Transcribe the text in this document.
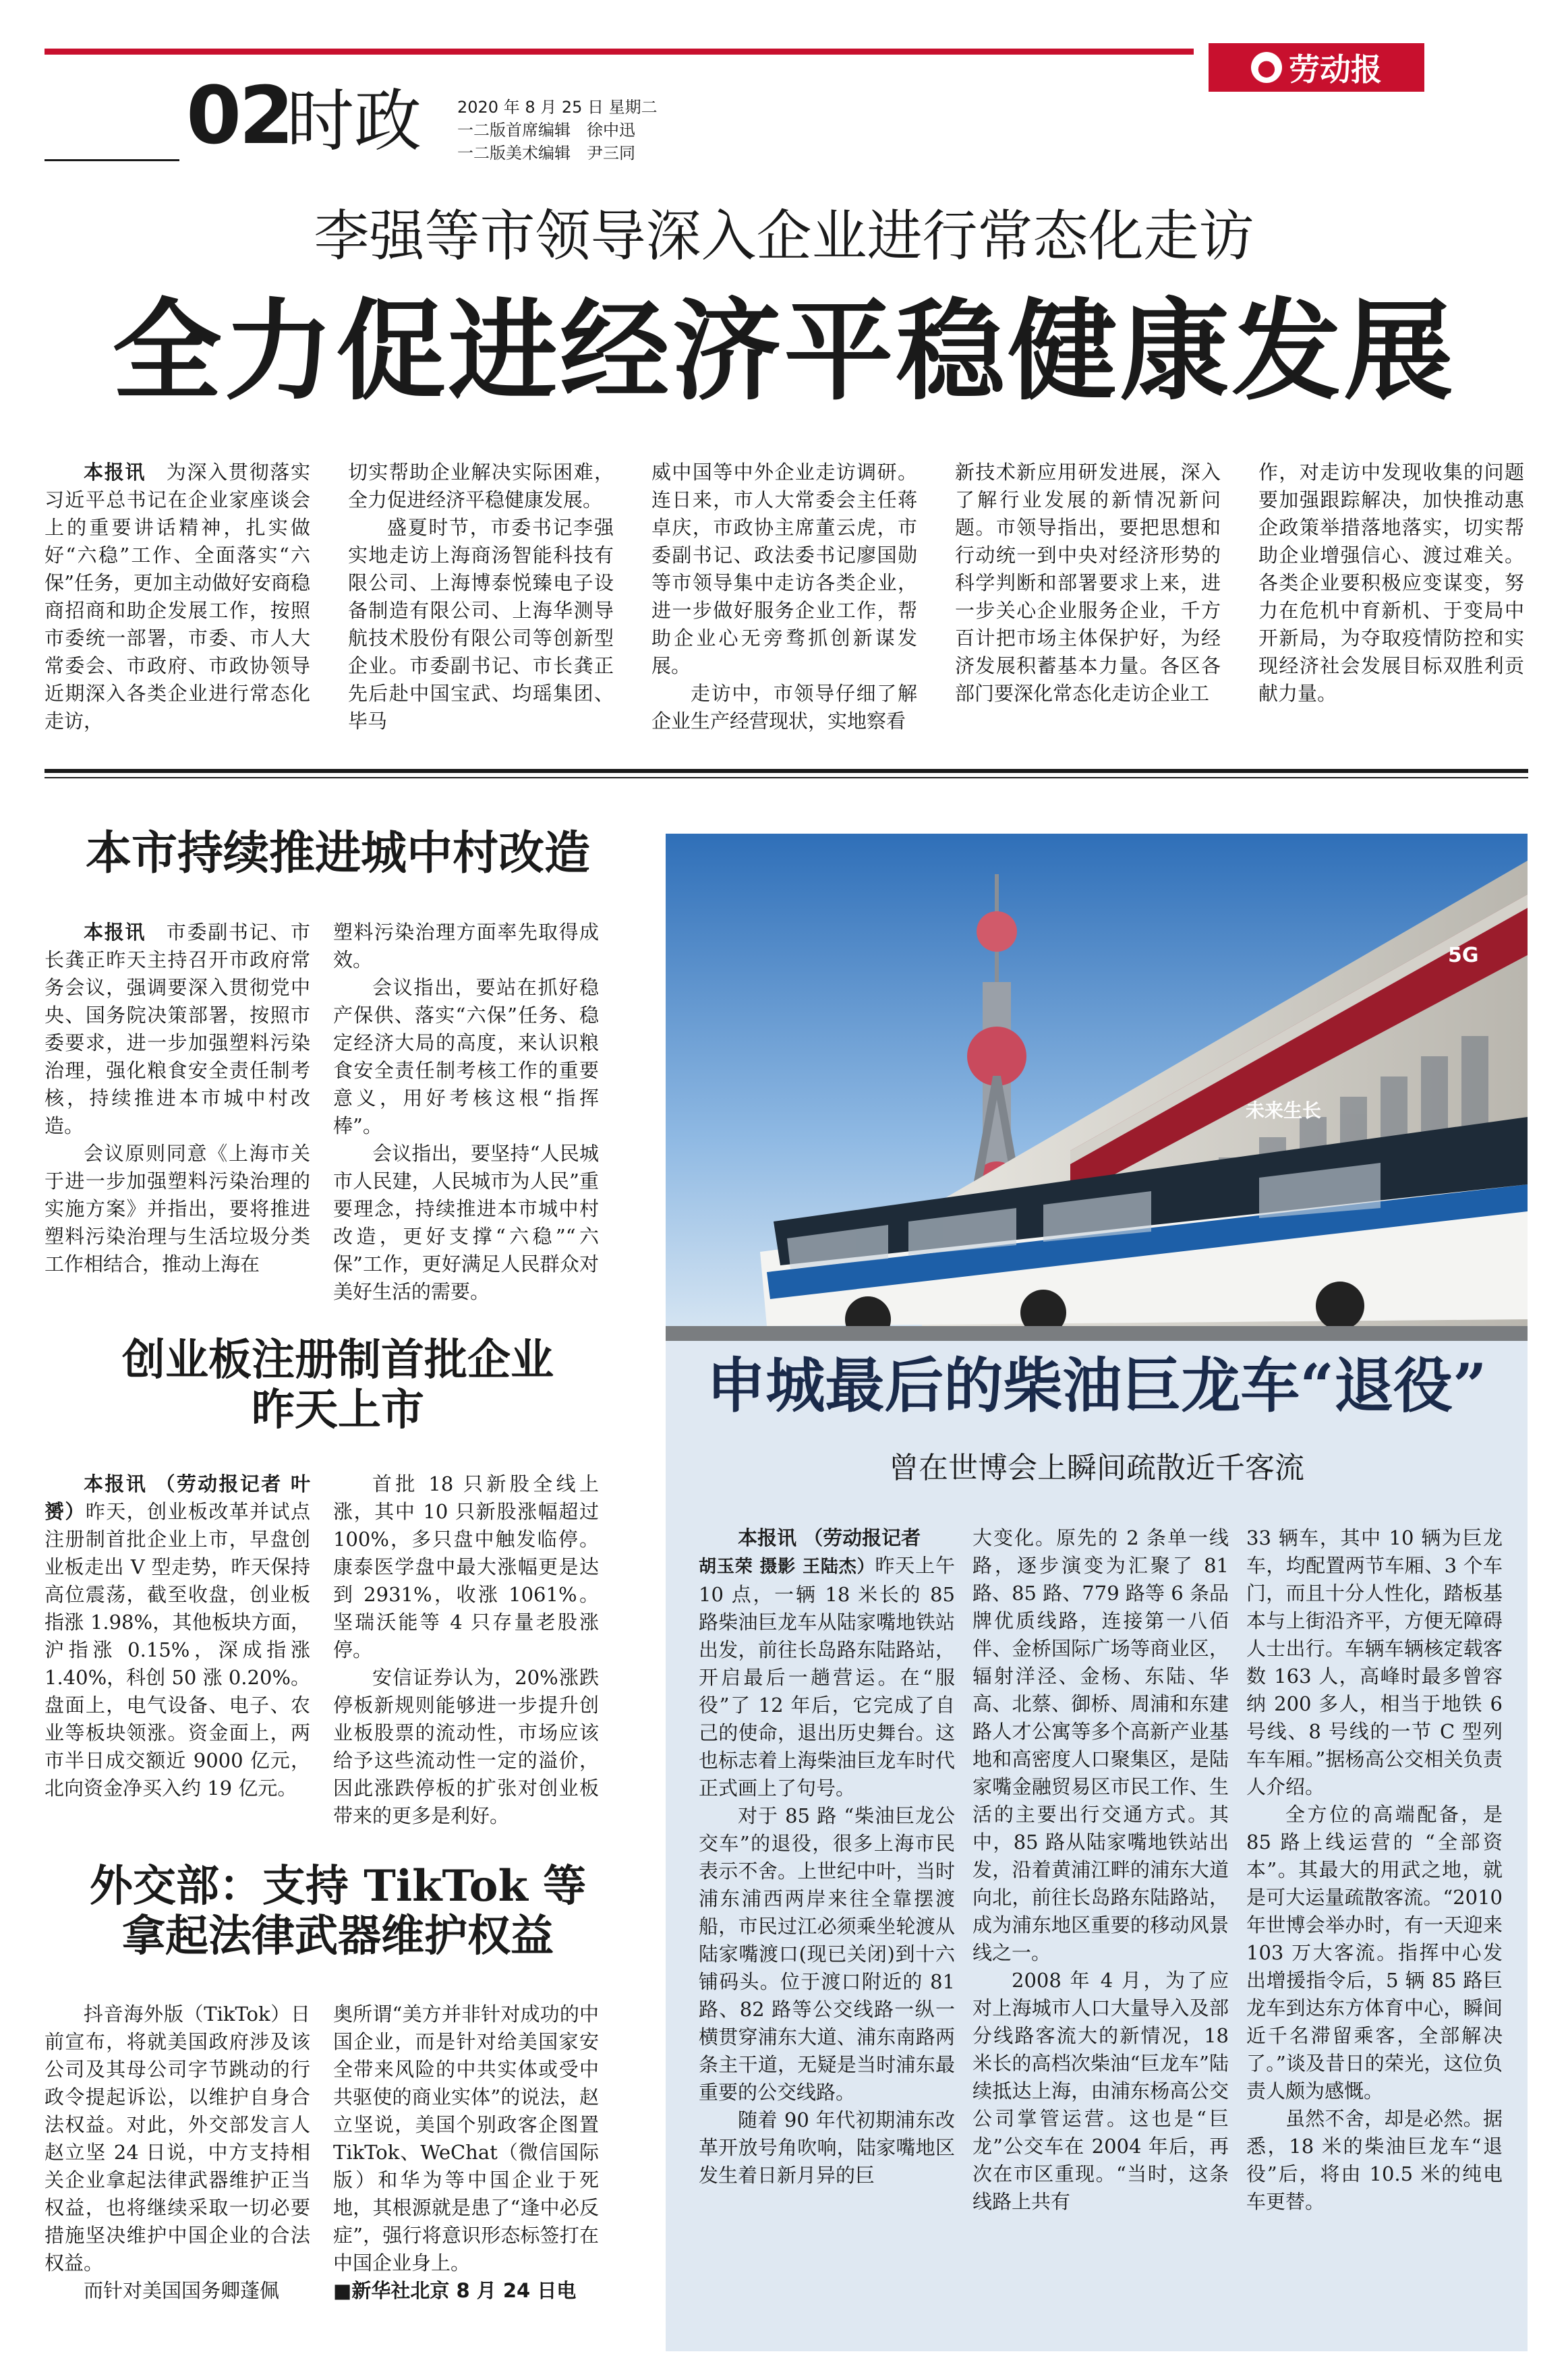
● 劳动报
02
时政 2020 年 8 月 25 日 星期二
一二版首席编辑　徐中迅
一二版美术编辑　尹三同
李强等市领导深入企业进行常态化走访
全力促进经济平稳健康发展

本报讯　 为深入贯彻落实习近平总书记在企业家座谈会上的重要讲话精神，扎实做好“六稳”工作、全面落实“六保”任务，更加主动做好安商稳商招商和助企发展工作，按照市委统一部署，市委、市人大常委会、市政府、市政协领导近期深入各类企业进行常态化走访，

切实帮助企业解决实际困难，全力促进经济平稳健康发展。

盛夏时节，市委书记李强实地走访上海商汤智能科技有限公司、上海博泰悦臻电子设备制造有限公司、上海华测导航技术股份有限公司等创新型企业。市委副书记、市长龚正先后赴中国宝武、均瑶集团、毕马

威中国等中外企业走访调研。连日来，市人大常委会主任蒋卓庆，市政协主席董云虎，市委副书记、政法委书记廖国勋等市领导集中走访各类企业，进一步做好服务企业工作，帮助企业心无旁骛抓创新谋发展。

走访中，市领导仔细了解企业生产经营现状，实地察看

新技术新应用研发进展，深入了解行业发展的新情况新问题。市领导指出，要把思想和行动统一到中央对经济形势的科学判断和部署要求上来，进一步关心企业服务企业，千方百计把市场主体保护好，为经济发展积蓄基本力量。各区各部门要深化常态化走访企业工

作，对走访中发现收集的问题要加强跟踪解决，加快推动惠企政策举措落地落实，切实帮助企业增强信心、渡过难关。各类企业要积极应变谋变，努力在危机中育新机、于变局中开新局，为夺取疫情防控和实现经济社会发展目标双胜利贡献力量。

本市持续推进城中村改造

本报讯　 市委副书记、市长龚正昨天主持召开市政府常务会议，强调要深入贯彻党中央、国务院决策部署，按照市委要求，进一步加强塑料污染治理，强化粮食安全责任制考核，持续推进本市城中村改造。

会议原则同意《上海市关于进一步加强塑料污染治理的实施方案》并指出，要将推进塑料污染治理与生活垃圾分类工作相结合，推动上海在

塑料污染治理方面率先取得成效。

会议指出，要站在抓好稳产保供、落实“六保”任务、稳定经济大局的高度，来认识粮食安全责任制考核工作的重要意义，用好考核这根“指挥棒”。

会议指出，要坚持“人民城市人民建，人民城市为人民”重要理念，持续推进本市城中村改造，更好支撑“六稳”“六保”工作，更好满足人民群众对美好生活的需要。

创业板注册制首批企业
昨天上市

本报讯 （劳动报记者 叶赟）昨天，创业板改革并试点注册制首批企业上市，早盘创业板走出 V 型走势，昨天保持高位震荡，截至收盘，创业板指涨 1.98%，其他板块方面，沪指涨 0.15%，深成指涨 1.40%，科创 50 涨 0.20%。盘面上，电气设备、电子、农业等板块领涨。资金面上，两市半日成交额近 9000 亿元，北向资金净买入约 19 亿元。

首批 18 只新股全线上涨，其中 10 只新股涨幅超过 100%，多只盘中触发临停。康泰医学盘中最大涨幅更是达到 2931%，收涨 1061%。坚瑞沃能等 4 只存量老股涨停。

安信证券认为，20%涨跌停板新规则能够进一步提升创业板股票的流动性，市场应该给予这些流动性一定的溢价，因此涨跌停板的扩张对创业板带来的更多是利好。

外交部：支持 TikTok 等
拿起法律武器维护权益

抖音海外版（TikTok）日前宣布，将就美国政府涉及该公司及其母公司字节跳动的行政令提起诉讼，以维护自身合法权益。对此，外交部发言人赵立坚 24 日说，中方支持相关企业拿起法律武器维护正当权益，也将继续采取一切必要措施坚决维护中国企业的合法权益。

而针对美国国务卿蓬佩

奥所谓“美方并非针对成功的中国企业，而是针对给美国家安全带来风险的中共实体或受中共驱使的商业实体”的说法，赵立坚说，美国个别政客企图置 TikTok、WeChat（微信国际版）和华为等中国企业于死地，其根源就是患了“逢中必反症”，强行将意识形态标签打在中国企业身上。

■新华社北京 8 月 24 日电

5G
未来生长
申城最后的柴油巨龙车“退役”
曾在世博会上瞬间疏散近千客流

本报讯 （劳动报记者
胡玉荣 摄影 王陆杰）昨天上午 10 点，一辆 18 米长的 85 路柴油巨龙车从陆家嘴地铁站出发，前往长岛路东陆路站，开启最后一趟营运。在“服役”了 12 年后，它完成了自己的使命，退出历史舞台。这也标志着上海柴油巨龙车时代正式画上了句号。

对于 85 路 “柴油巨龙公交车”的退役，很多上海市民表示不舍。上世纪中叶，当时浦东浦西两岸来往全靠摆渡船，市民过江必须乘坐轮渡从陆家嘴渡口(现已关闭)到十六铺码头。位于渡口附近的 81 路、82 路等公交线路一纵一横贯穿浦东大道、浦东南路两条主干道，无疑是当时浦东最重要的公交线路。

随着 90 年代初期浦东改革开放号角吹响，陆家嘴地区发生着日新月异的巨

大变化。原先的 2 条单一线路，逐步演变为汇聚了 81 路、85 路、779 路等 6 条品牌优质线路，连接第一八佰伴、金桥国际广场等商业区，辐射洋泾、金杨、东陆、华高、北蔡、御桥、周浦和东建路人才公寓等多个高新产业基地和高密度人口聚集区，是陆家嘴金融贸易区市民工作、生活的主要出行交通方式。其中，85 路从陆家嘴地铁站出发，沿着黄浦江畔的浦东大道向北，前往长岛路东陆路站，成为浦东地区重要的移动风景线之一。

2008 年 4 月，为了应对上海城市人口大量导入及部分线路客流大的新情况，18 米长的高档次柴油“巨龙车”陆续抵达上海，由浦东杨高公交公司掌管运营。这也是“巨龙”公交车在 2004 年后，再次在市区重现。“当时，这条线路上共有

33 辆车，其中 10 辆为巨龙车，均配置两节车厢、3 个车门，而且十分人性化，踏板基本与上街沿齐平，方便无障碍人士出行。车辆车辆核定载客数 163 人，高峰时最多曾容纳 200 多人，相当于地铁 6 号线、8 号线的一节 C 型列车车厢。”据杨高公交相关负责人介绍。

全方位的高端配备，是 85 路上线运营的 “全部资本”。其最大的用武之地，就是可大运量疏散客流。“2010 年世博会举办时，有一天迎来 103 万大客流。指挥中心发出增援指令后，5 辆 85 路巨龙车到达东方体育中心，瞬间近千名滞留乘客，全部解决了。”谈及昔日的荣光，这位负责人颇为感慨。

虽然不舍，却是必然。据悉，18 米的柴油巨龙车“退役”后，将由 10.5 米的纯电车更替。
